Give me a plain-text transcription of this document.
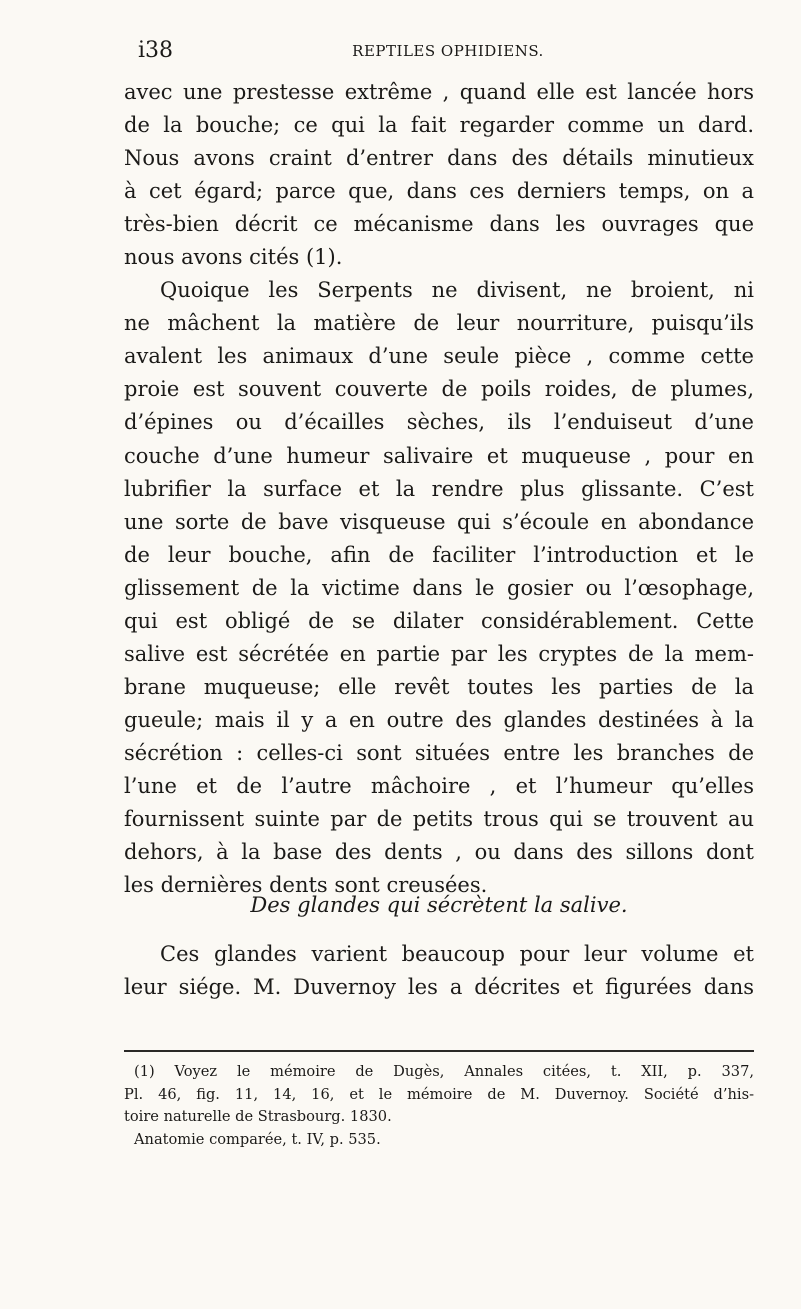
i38	REPTILES OPHIDIENS.
avec une prestesse extrême , quand elle est lancée hors
de la bouche; ce qui la fait regarder comme un dard.
Nous avons craint d’entrer dans des détails minutieux
à cet égard; parce que, dans ces derniers temps, on a
très-bien décrit ce mécanisme dans les ouvrages que
nous avons cités (1).
Quoique les Serpents ne divisent, ne broient, ni
ne mâchent la matière de leur nourriture, puisqu’ils
avalent les animaux d’une seule pièce , comme cette
proie est souvent couverte de poils roides, de plumes,
d’épines ou d’écailles sèches, ils l’enduiseut d’une
couche d’une humeur salivaire et muqueuse , pour en
lubrifier la surface et la rendre plus glissante. C’est
une sorte de bave visqueuse qui s’écoule en abondance
de leur bouche, afin de faciliter l’introduction et le
glissement de la victime dans le gosier ou l’œsophage,
qui est obligé de se dilater considérablement. Cette
salive est sécrétée en partie par les cryptes de la mem-
brane muqueuse; elle revêt toutes les parties de la
gueule; mais il y a en outre des glandes destinées à la
sécrétion : celles-ci sont situées entre les branches de
l’une et de l’autre mâchoire , et l’humeur qu’elles
fournissent suinte par de petits trous qui se trouvent au
dehors, à la base des dents , ou dans des sillons dont
les dernières dents sont creusées.
Des glandes qui sécrètent la salive.
Ces glandes varient beaucoup pour leur volume et
leur siége. M. Duvernoy les a décrites et figurées dans
(1) Voyez le mémoire de Dugès, Annales citées, t. XII, p. 337,
Pl. 46, fig. 11, 14, 16, et le mémoire de M. Duvernoy. Société d’his-
toire naturelle de Strasbourg. 1830.
Anatomie comparée, t. IV, p. 535.
